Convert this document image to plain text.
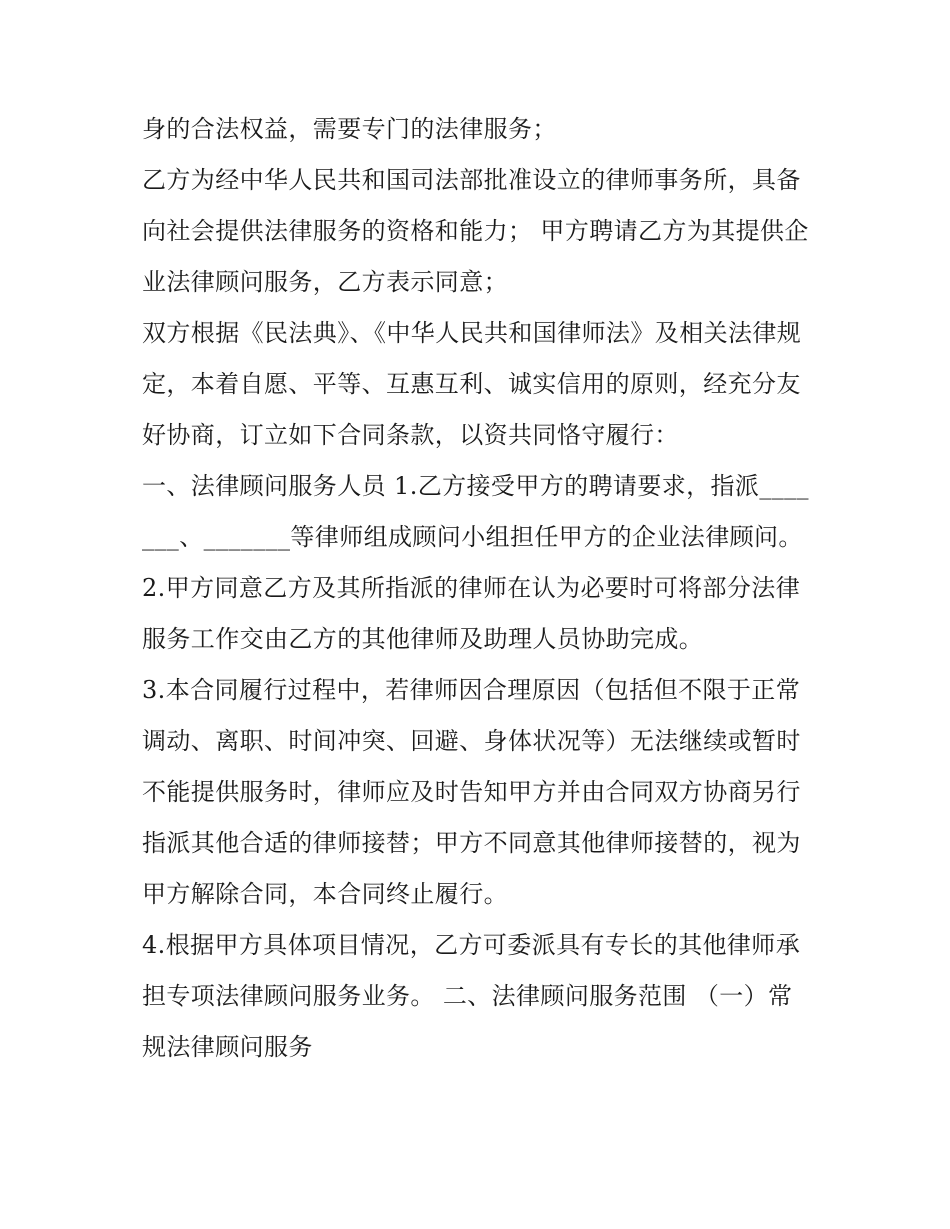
身的合法权益，需要专门的法律服务；

乙方为经中华人民共和国司法部批准设立的律师事务所，具备向社会提供法律服务的资格和能力； 甲方聘请乙方为其提供企业法律顾问服务，乙方表示同意；

双方根据《民法典》、《中华人民共和国律师法》及相关法律规定，本着自愿、平等、互惠互利、诚实信用的原则，经充分友好协商，订立如下合同条款，以资共同恪守履行：

一、法律顾问服务人员 1.乙方接受甲方的聘请要求，指派_______、_______等律师组成顾问小组担任甲方的企业法律顾问。

2.甲方同意乙方及其所指派的律师在认为必要时可将部分法律服务工作交由乙方的其他律师及助理人员协助完成。

3.本合同履行过程中，若律师因合理原因（包括但不限于正常调动、离职、时间冲突、回避、身体状况等）无法继续或暂时不能提供服务时，律师应及时告知甲方并由合同双方协商另行指派其他合适的律师接替；甲方不同意其他律师接替的，视为甲方解除合同，本合同终止履行。

4.根据甲方具体项目情况，乙方可委派具有专长的其他律师承担专项法律顾问服务业务。 二、法律顾问服务范围 （一）常规法律顾问服务
